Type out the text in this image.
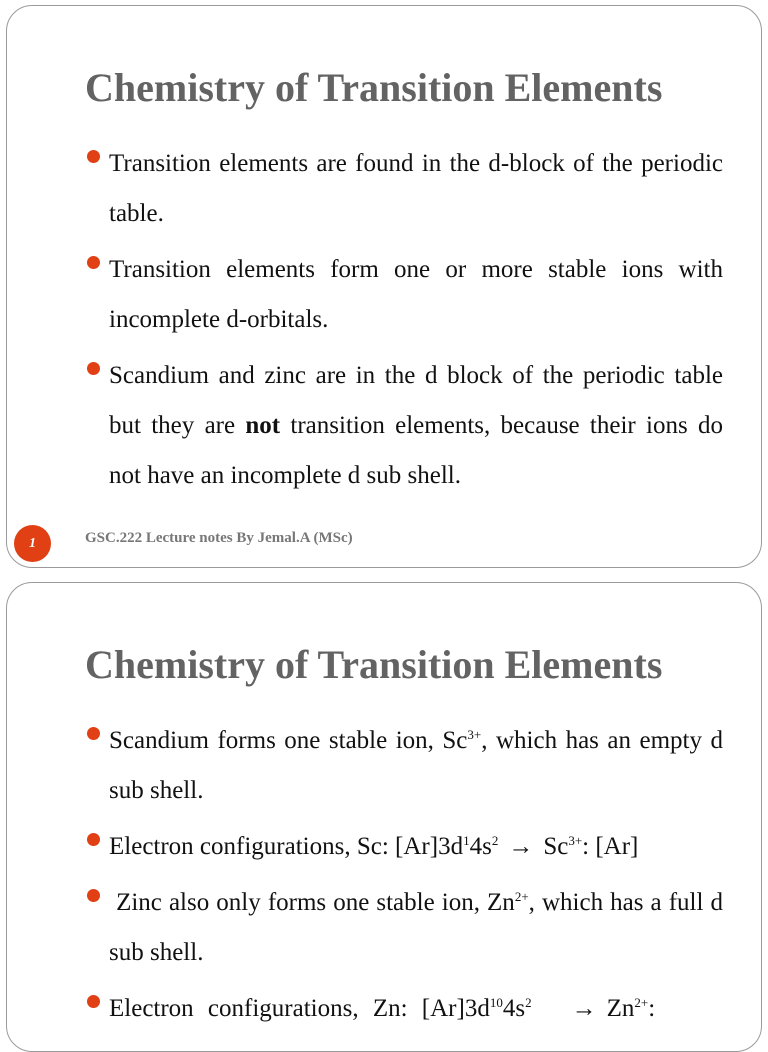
Chemistry of Transition Elements

Transition elements are found in the d-block of the periodic table.

Transition elements form one or more stable ions with incomplete d-orbitals.

Scandium and zinc are in the d block of the periodic table but they are not transition elements, because their ions do not have an incomplete d sub shell.

1	GSC.222 Lecture notes By Jemal.A (MSc)
Chemistry of Transition Elements

Scandium forms one stable ion, $Sc^{3+}$, which has an empty d sub shell.

Electron configurations, Sc: $[Ar]3d^14s^2 \to Sc^{3+}$: [Ar]

Zinc also only forms one stable ion, $Zn^{2+}$, which has a full d sub shell.

Electron configurations, Zn: $[Ar]3d^{10}4s^2 \to Zn^{2+}$:
